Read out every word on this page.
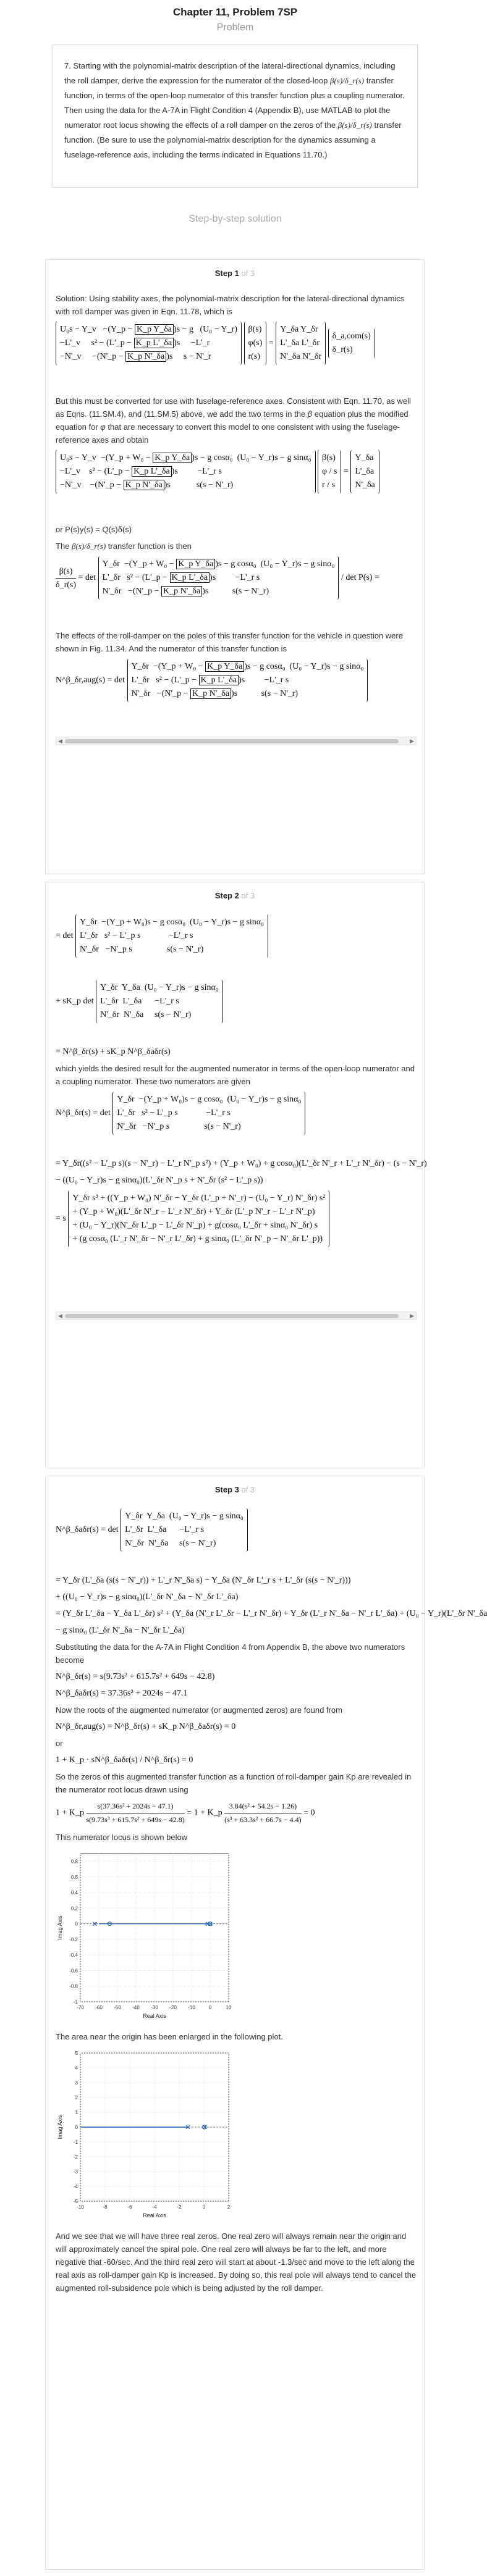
Chapter 11, Problem 7SP
Problem
7. Starting with the polynomial-matrix description of the lateral-directional dynamics, including the roll damper, derive the expression for the numerator of the closed-loop β(s)/δ_r(s) transfer function, in terms of the open-loop numerator of this transfer function plus a coupling numerator. Then using the data for the A-7A in Flight Condition 4 (Appendix B), use MATLAB to plot the numerator root locus showing the effects of a roll damper on the zeros of the β(s)/δ_r(s) transfer function. (Be sure to use the polynomial-matrix description for the dynamics assuming a fuselage-reference axis, including the terms indicated in Equations 11.70.)
Step-by-step solution
Step 1 of 3
Solution: Using stability axes, the polynomial-matrix description for the lateral-directional dynamics with roll damper was given in Eqn. 11.78, which is
U₀s − Y_v   −(Y_p − K_p Y_δa )s − g   (U₀ − Y_r)
−L'_v     s² − (L'_p − K_p L'_δa )s     −L'_r
−N'_v     −(N'_p − K_p N'_δa )s     s − N'_r

β(s)
φ(s)
r(s)
=
Y_δa Y_δr
L'_δa L'_δr
N'_δa N'_δr

δ_a,com(s)
δ_r(s)
But this must be converted for use with fuselage-reference axes. Consistent with Eqn. 11.70, as well as Eqns. (11.SM.4), and (11.SM.5) above, we add the two terms in the β equation plus the modified equation for φ that are necessary to convert this model to one consistent with using the fuselage-reference axes and obtain
U₀s − Y_v  −(Y_p + W₀ − K_p Y_δa )s − g cosα₀  (U₀ − Y_r)s − g sinα₀
−L'_v    s² − (L'_p − K_p L'_δa )s         −L'_r s
−N'_v    −(N'_p − K_p N'_δa )s            s(s − N'_r)

β(s)
φ / s
r / s
=
Y_δa
L'_δa
N'_δa
or P(s)y(s) = Q(s)δ(s)
The β(s)/δ_r(s) transfer function is then
$\frac{\beta(s)}{\delta\_r(s)} = \det$
Y_δr  −(Y_p + W₀ − K_p Y_δa )s − g cosα₀  (U₀ − Y_r)s − g sinα₀
L'_δr   s² − (L'_p − K_p L'_δa )s         −L'_r s
N'_δr   −(N'_p − K_p N'_δa )s           s(s − N'_r)
/ det P(s) =
The effects of the roll-damper on the poles of this transfer function for the vehicle in question were shown in Fig. 11.34. And the numerator of this transfer function is
N^β_δr,aug(s) = det
Y_δr  −(Y_p + W₀ − K_p Y_δa )s − g cosα₀  (U₀ − Y_r)s − g sinα₀
L'_δr   s² − (L'_p − K_p L'_δa )s         −L'_r s
N'_δr   −(N'_p − K_p N'_δa )s           s(s − N'_r)
◀	▶
Step 2 of 3
= det
Y_δr  −(Y_p + W₀)s − g cosα₀  (U₀ − Y_r)s − g sinα₀
L'_δr   s² − L'_p s             −L'_r s
N'_δr   −N'_p s                s(s − N'_r)
+ sK_p det
Y_δr  Y_δa  (U₀ − Y_r)s − g sinα₀
L'_δr  L'_δa      −L'_r s
N'_δr  N'_δa     s(s − N'_r)
= N^β_δr(s) + sK_p N^β_δaδr(s)
which yields the desired result for the augmented numerator in terms of the open-loop numerator and a coupling numerator. These two numerators are given
N^β_δr(s) = det
Y_δr  −(Y_p + W₀)s − g cosα₀  (U₀ − Y_r)s − g sinα₀
L'_δr   s² − L'_p s             −L'_r s
N'_δr   −N'_p s                s(s − N'_r)
= Y_δr((s² − L'_p s)(s − N'_r) − L'_r N'_p s²) + (Y_p + W₀) + g cosα₀)(L'_δr N'_r + L'_r N'_δr) − (s − N'_r)
− ((U₀ − Y_r)s − g sinα₀)(L'_δr N'_p s + N'_δr (s² − L'_p s))
= s
Y_δr s³ + ((Y_p + W₀) N'_δr − Y_δr (L'_p + N'_r) − (U₀ − Y_r) N'_δr) s²
+ (Y_p + W₀)(L'_δr N'_r − L'_r N'_δr) + Y_δr (L'_p N'_r − L'_r N'_p)
+ (U₀ − Y_r)(N'_δr L'_p − L'_δr N'_p) + g(cosα₀ L'_δr + sinα₀ N'_δr) s
+ (g cosα₀ (L'_r N'_δr − N'_r L'_δr) + g sinα₀ (L'_δr N'_p − N'_δr L'_p))
◀	▶
Step 3 of 3
N^β_δaδr(s) = det
Y_δr  Y_δa  (U₀ − Y_r)s − g sinα₀
L'_δr  L'_δa      −L'_r s
N'_δr  N'_δa     s(s − N'_r)
= Y_δr (L'_δa (s(s − N'_r)) + L'_r N'_δa s) − Y_δa (N'_δr L'_r s + L'_δr (s(s − N'_r)))
+ ((U₀ − Y_r)s − g sinα₀)(L'_δr N'_δa − N'_δr L'_δa)
= (Y_δr L'_δa − Y_δa L'_δr) s² + (Y_δa (N'_r L'_δr − L'_r N'_δr) + Y_δr (L'_r N'_δa − N'_r L'_δa) + (U₀ − Y_r)(L'_δr N'_δa
− g sinα₀ (L'_δr N'_δa − N'_δr L'_δa)
Substituting the data for the A-7A in Flight Condition 4 from Appendix B, the above two numerators become
N^β_δr(s) = s(9.73s² + 615.7s² + 649s − 42.8)
N^β_δaδr(s) = 37.36s² + 2024s − 47.1
Now the roots of the augmented numerator (or augmented zeros) are found from
N^β_δr,aug(s) = N^β_δr(s) + sK_p N^β_δaδr(s) = 0
or
1 + K_p · sN^β_δaδr(s) / N^β_δr(s) = 0
So the zeros of this augmented transfer function as a function of roll-damper gain Kp are revealed in the numerator root locus drawn using
1 + K_p $\frac{\text{s(37.36s² + 2024s − 47.1)}}{\text{s(9.73s³ + 615.7s² + 649s − 42.8)}} = 1$ + K_p $\frac{\text{3.84(s² + 54.2s − 1.26)}}{\text{(s³ + 63.3s² + 66.7s − 4.4)}} = 0$
This numerator locus is shown below
-70 -60 -50 -40 -30 -20 -10	0	10
0.8
0.6
0.4
0.2
0
-0.2
-0.4
-0.6
-0.8
-1
Real Axis
Imag Axis
The area near the origin has been enlarged in the following plot.
-10	-8	-6	-4	-2	0	2
5
4
3
2
1
0
-1
-2
-3
-4
-5
Real Axis
Imag Axis
And we see that we will have three real zeros. One real zero will always remain near the origin and will approximately cancel the spiral pole. One real zero will always be far to the left, and more negative that -60/sec. And the third real zero will start at about -1.3/sec and move to the left along the real axis as roll-damper gain Kp is increased. By doing so, this real pole will always tend to cancel the augmented roll-subsidence pole which is being adjusted by the roll damper.
